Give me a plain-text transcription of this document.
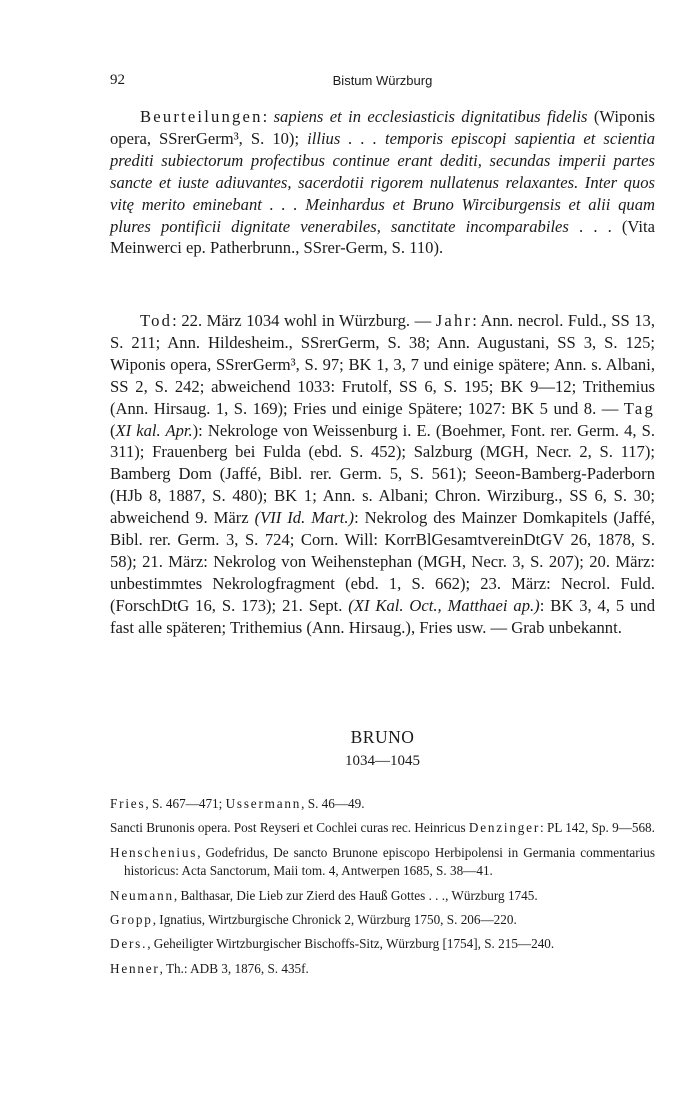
92	Bistum Würzburg

Beurteilungen: sapiens et in ecclesiasticis dignitatibus fidelis (Wiponis opera, SSrerGerm³, S. 10); illius . . . temporis episcopi sapientia et scientia prediti subiectorum profectibus continue erant dediti, secundas imperii partes sancte et iuste adiuvantes, sacerdotii rigorem nullatenus relaxantes. Inter quos vitę merito eminebant . . . Meinhardus et Bruno Wirciburgensis et alii quam plures pontificii dignitate venerabiles, sanctitate incomparabiles . . . (Vita Meinwerci ep. Patherbrunn., SSrer-Germ, S. 110).

Tod: 22. März 1034 wohl in Würzburg. — Jahr: Ann. necrol. Fuld., SS 13, S. 211; Ann. Hildesheim., SSrerGerm, S. 38; Ann. Augustani, SS 3, S. 125; Wiponis opera, SSrerGerm³, S. 97; BK 1, 3, 7 und einige spätere; Ann. s. Albani, SS 2, S. 242; abweichend 1033: Frutolf, SS 6, S. 195; BK 9—12; Trithemius (Ann. Hirsaug. 1, S. 169); Fries und einige Spätere; 1027: BK 5 und 8. — Tag (XI kal. Apr.): Nekrologe von Weissenburg i. E. (Boehmer, Font. rer. Germ. 4, S. 311); Frauenberg bei Fulda (ebd. S. 452); Salzburg (MGH, Necr. 2, S. 117); Bamberg Dom (Jaffé, Bibl. rer. Germ. 5, S. 561); Seeon-Bamberg-Paderborn (HJb 8, 1887, S. 480); BK 1; Ann. s. Albani; Chron. Wirziburg., SS 6, S. 30; abweichend 9. März (VII Id. Mart.): Nekrolog des Mainzer Domkapitels (Jaffé, Bibl. rer. Germ. 3, S. 724; Corn. Will: KorrBlGesamtvereinDtGV 26, 1878, S. 58); 21. März: Nekrolog von Weihenstephan (MGH, Necr. 3, S. 207); 20. März: unbestimmtes Nekrologfragment (ebd. 1, S. 662); 23. März: Necrol. Fuld. (ForschDtG 16, S. 173); 21. Sept. (XI Kal. Oct., Matthaei ap.): BK 3, 4, 5 und fast alle späteren; Trithemius (Ann. Hirsaug.), Fries usw. — Grab unbekannt.

BRUNO
1034—1045

Fries, S. 467—471; Ussermann, S. 46—49.

Sancti Brunonis opera. Post Reyseri et Cochlei curas rec. Heinricus Denzinger: PL 142, Sp. 9—568.

Henschenius, Godefridus, De sancto Brunone episcopo Herbipolensi in Germania commentarius historicus: Acta Sanctorum, Maii tom. 4, Antwerpen 1685, S. 38—41.

Neumann, Balthasar, Die Lieb zur Zierd des Hauß Gottes . . ., Würzburg 1745.

Gropp, Ignatius, Wirtzburgische Chronick 2, Würzburg 1750, S. 206—220.

Ders., Geheiligter Wirtzburgischer Bischoffs-Sitz, Würzburg [1754], S. 215—240.

Henner, Th.: ADB 3, 1876, S. 435f.
